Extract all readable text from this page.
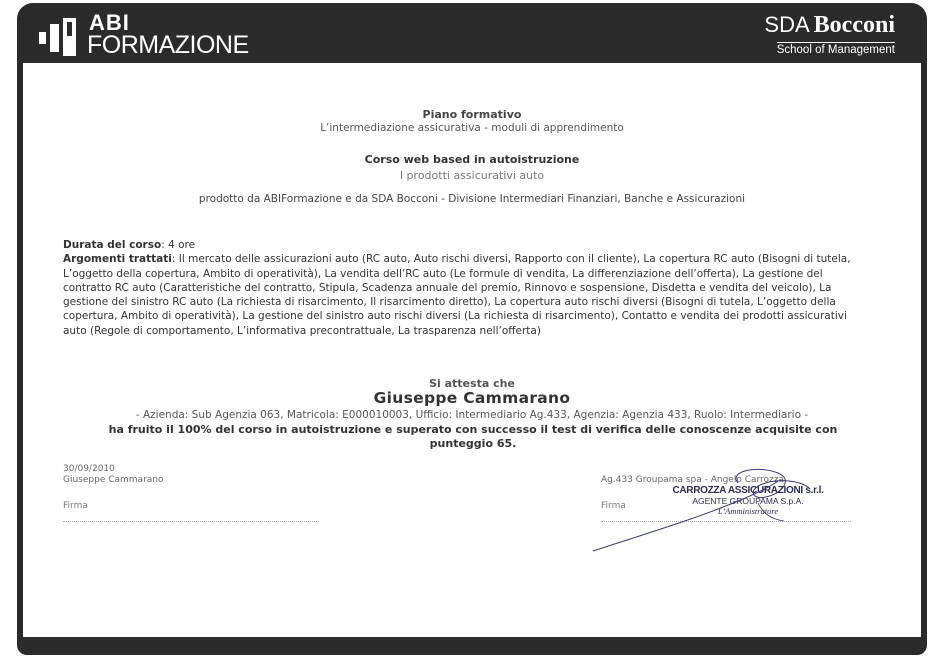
ABI
FORMAZIONE
SDA Bocconi
School of Management
Piano formativo
L’intermediazione assicurativa - moduli di apprendimento
Corso web based in autoistruzione
I prodotti assicurativi auto
prodotto da ABIFormazione e da SDA Bocconi - Divisione Intermediari Finanziari, Banche e Assicurazioni
Durata del corso: 4 ore
Argomenti trattati: Il mercato delle assicurazioni auto (RC auto, Auto rischi diversi, Rapporto con il cliente), La copertura RC auto (Bisogni di tutela, L’oggetto della copertura, Ambito di operatività), La vendita dell’RC auto (Le formule di vendita, La differenziazione dell’offerta), La gestione del contratto RC auto (Caratteristiche del contratto, Stipula, Scadenza annuale del premio, Rinnovo e sospensione, Disdetta e vendita del veicolo), La gestione del sinistro RC auto (La richiesta di risarcimento, Il risarcimento diretto), La copertura auto rischi diversi (Bisogni di tutela, L’oggetto della copertura, Ambito di operatività), La gestione del sinistro auto rischi diversi (La richiesta di risarcimento), Contatto e vendita dei prodotti assicurativi auto (Regole di comportamento, L’informativa precontrattuale, La trasparenza nell’offerta)
Si attesta che
Giuseppe Cammarano
- Azienda: Sub Agenzia 063, Matricola: E000010003, Ufficio: Intermediario Ag.433, Agenzia: Agenzia 433, Ruolo: Intermediario -
ha fruito il 100% del corso in autoistruzione e superato con successo il test di verifica delle conoscenze acquisite con punteggio 65.
30/09/2010
Giuseppe Cammarano
Firma
Ag.433 Groupama spa - Angelo Carrozza
Firma
CARROZZA ASSICURAZIONI s.r.l.
AGENTE GROUPAMA S.p.A.
L’Amministratore
